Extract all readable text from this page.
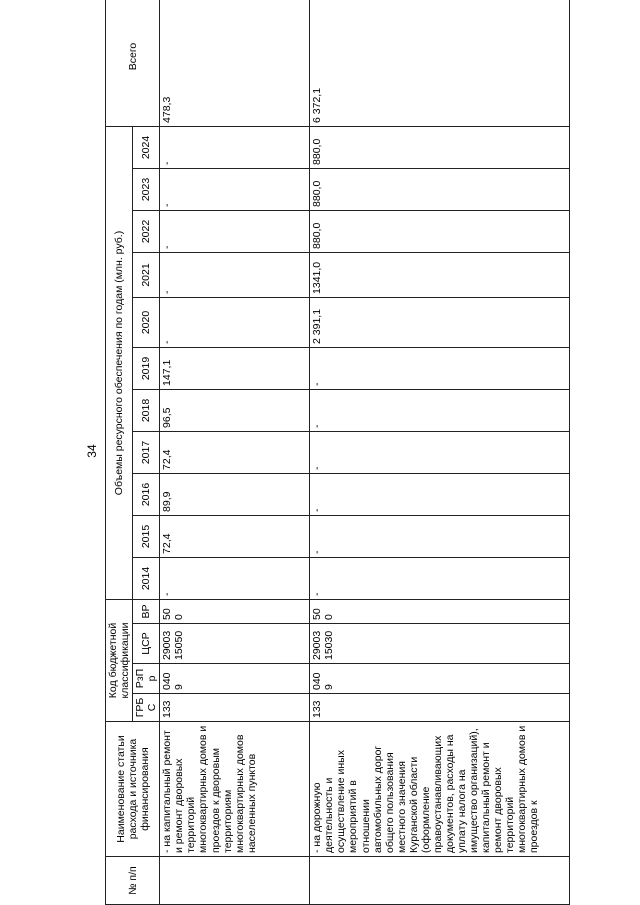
34
№ п/п	Наименование статьи расхода и источника финансирования	Код бюджетной классификации				Объемы ресурсного обеспечения по годам (млн. руб.)											Всего
		ГРБС	РзПр	ЦСР	ВР	2014	2015	2016	2017	2018	2019	2020	2021	2022	2023	2024	
	- на капитальный ремонт и ремонт дворовых территорий многоквартирных домов и проездов к дворовым территориям многоквартирных домов населенных пунктов	133	0409	29003 15050	500	-	72,4	89,9	72,4	96,5	147,1	-	-	-	-	-	478,3
	- на дорожную деятельность и осуществление иных мероприятий в отношении автомобильных дорог общего пользования местного значения Курганской области (оформление правоустанавливающих документов, расходы на уплату налога на имущество организаций), капитальный ремонт и ремонт дворовых территорий многоквартирных домов и проездов к	133	0409	29003 15030	500	-	-	-	-	-	-	2 391,1	1341,0	880,0	880,0	880,0	6 372,1
